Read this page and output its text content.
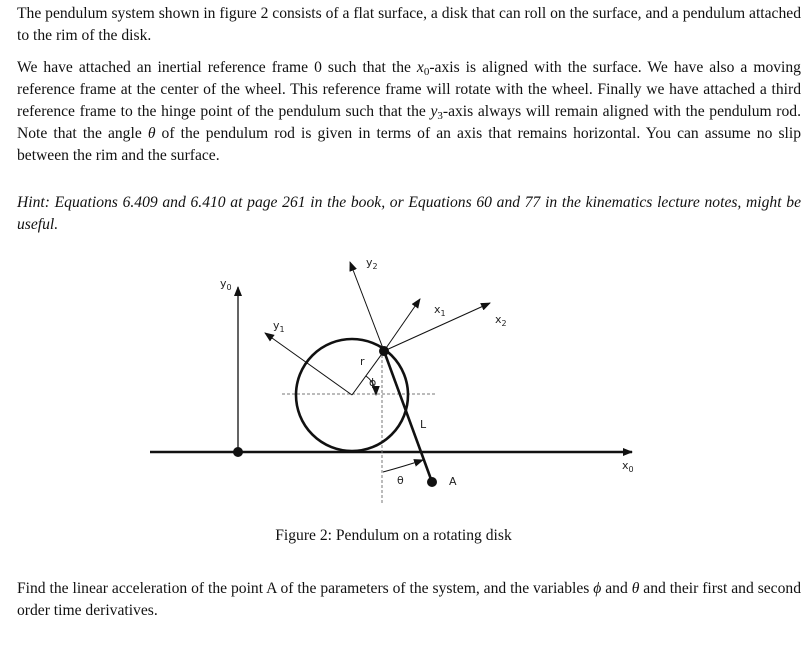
The pendulum system shown in figure 2 consists of a flat surface, a disk that can roll on the surface, and a pendulum attached to the rim of the disk.

We have attached an inertial reference frame 0 such that the $x_0$-axis is aligned with the surface. We have also a moving reference frame at the center of the wheel. This reference frame will rotate with the wheel. Finally we have attached a third reference frame to the hinge point of the pendulum such that the $y_3$-axis always will remain aligned with the pendulum rod. Note that the angle θ of the pendulum rod is given in terms of an axis that remains horizontal. You can assume no slip between the rim and the surface.

Hint: Equations 6.409 and 6.410 at page 261 in the book, or Equations 60 and 77 in the kinematics lecture notes, might be useful.

$y_0$
$x_0$
$y_1$
$x_1$
$y_2$
$x_2$
r
ϕ
L
θ	A
Figure 2: Pendulum on a rotating disk

Find the linear acceleration of the point A of the parameters of the system, and the variables ϕ and θ and their first and second order time derivatives.
